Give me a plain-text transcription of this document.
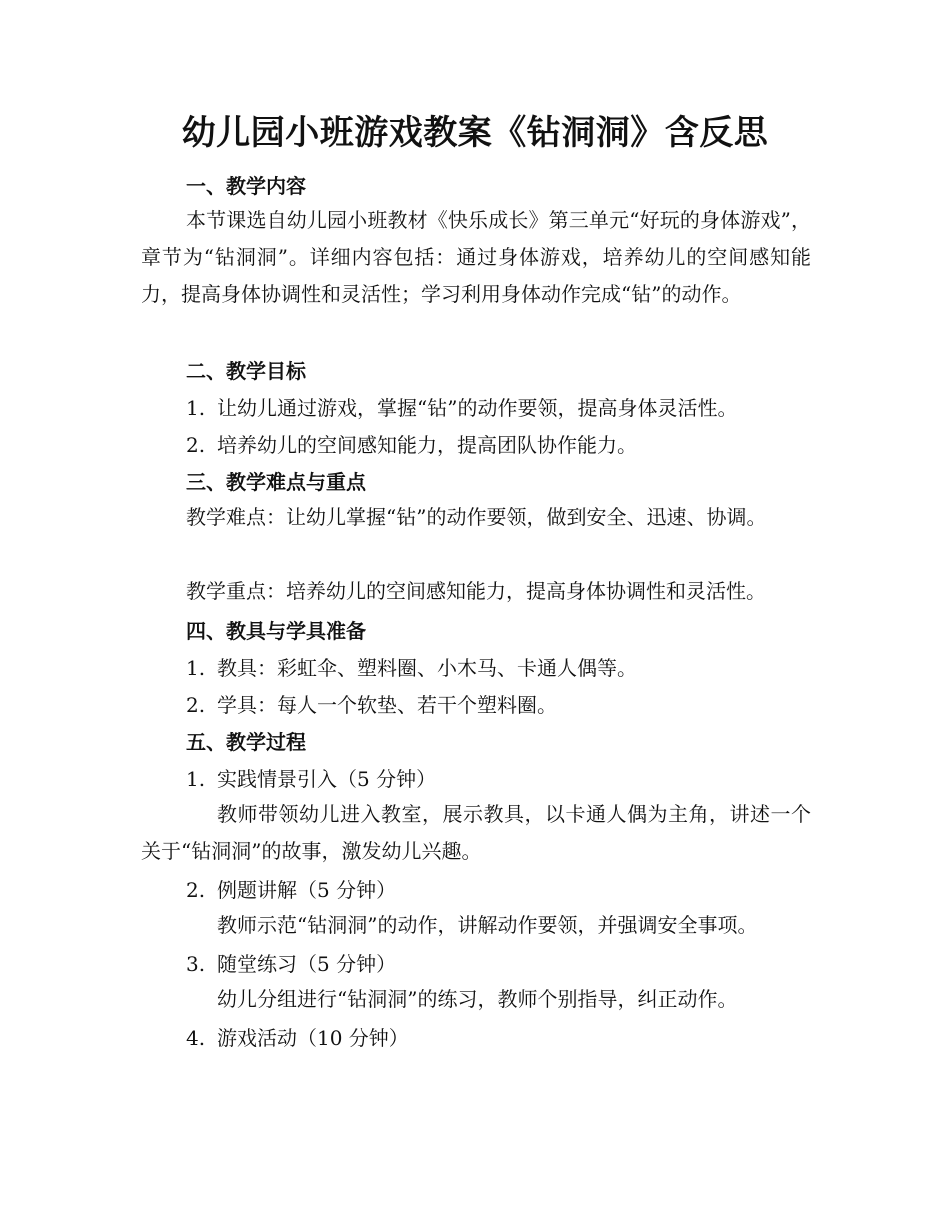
幼儿园小班游戏教案《钻洞洞》含反思
一、教学内容

本节课选自幼儿园小班教材《快乐成长》第三单元“好玩的身体游戏”，章节为“钻洞洞”。详细内容包括：通过身体游戏，培养幼儿的空间感知能力，提高身体协调性和灵活性；学习利用身体动作完成“钻”的动作。

二、教学目标
1. 让幼儿通过游戏，掌握“钻”的动作要领，提高身体灵活性。
2. 培养幼儿的空间感知能力，提高团队协作能力。
三、教学难点与重点

教学难点：让幼儿掌握“钻”的动作要领，做到安全、迅速、协调。

教学重点：培养幼儿的空间感知能力，提高身体协调性和灵活性。

四、教具与学具准备
1. 教具：彩虹伞、塑料圈、小木马、卡通人偶等。
2. 学具：每人一个软垫、若干个塑料圈。
五、教学过程
1. 实践情景引入（5 分钟）

教师带领幼儿进入教室，展示教具，以卡通人偶为主角，讲述一个关于“钻洞洞”的故事，激发幼儿兴趣。

2. 例题讲解（5 分钟）

教师示范“钻洞洞”的动作，讲解动作要领，并强调安全事项。

3. 随堂练习（5 分钟）

幼儿分组进行“钻洞洞”的练习，教师个别指导，纠正动作。

4. 游戏活动（10 分钟）
